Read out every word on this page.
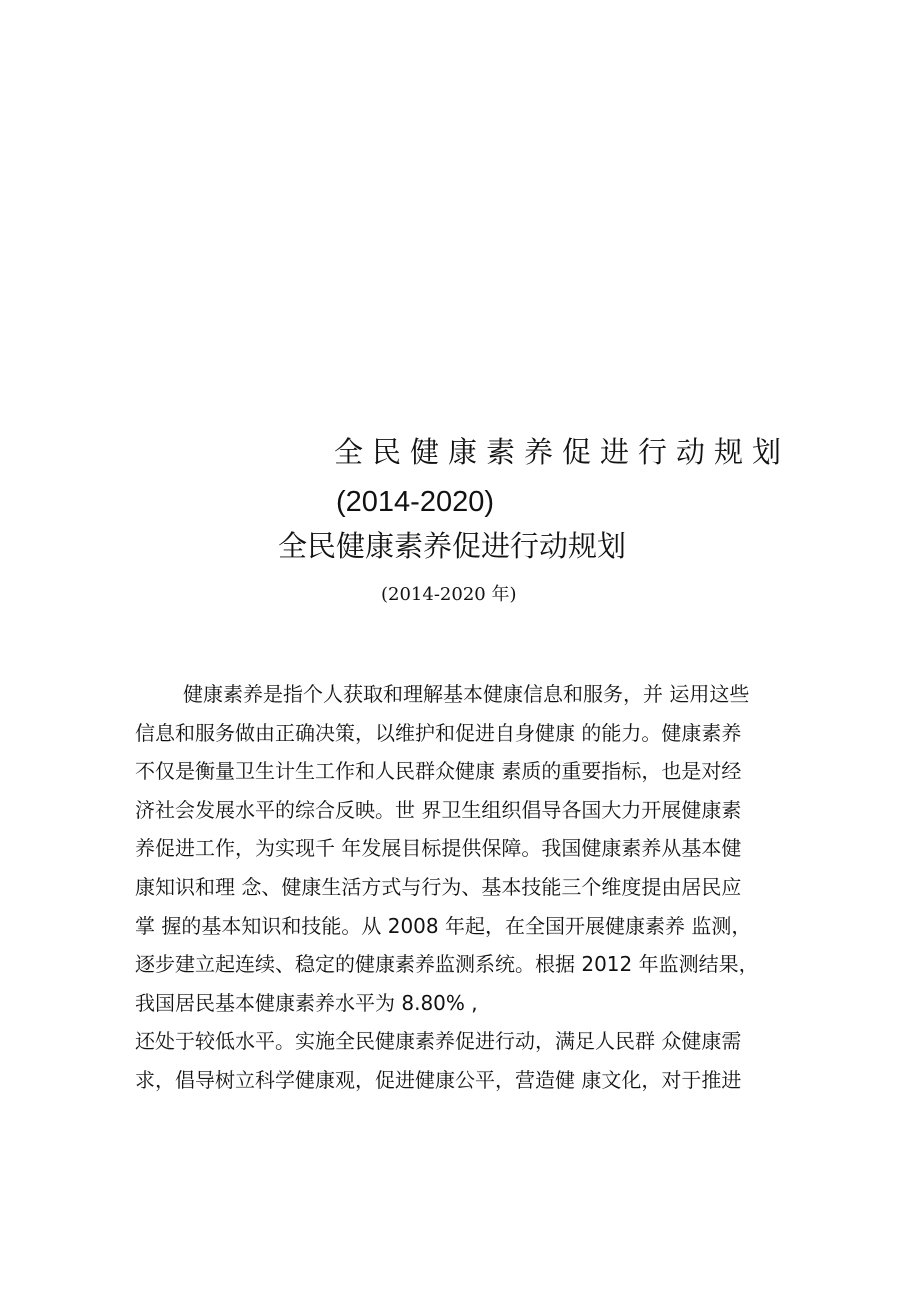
全民健康素养促进行动规划
(2014-2020)
全民健康素养促进行动规划
(2014-2020 年)
健康素养是指个人获取和理解基本健康信息和服务，并 运用这些
信息和服务做由正确决策，以维护和促进自身健康 的能力。健康素养
不仅是衡量卫生计生工作和人民群众健康 素质的重要指标，也是对经
济社会发展水平的综合反映。世 界卫生组织倡导各国大力开展健康素
养促进工作，为实现千 年发展目标提供保障。我国健康素养从基本健
康知识和理 念、健康生活方式与行为、基本技能三个维度提由居民应
掌 握的基本知识和技能。从 2008 年起，在全国开展健康素养 监测，
逐步建立起连续、稳定的健康素养监测系统。根据 2012 年监测结果，
我国居民基本健康素养水平为 8.80% ,
还处于较低水平。实施全民健康素养促进行动，满足人民群 众健康需
求，倡导树立科学健康观，促进健康公平，营造健 康文化，对于推进
